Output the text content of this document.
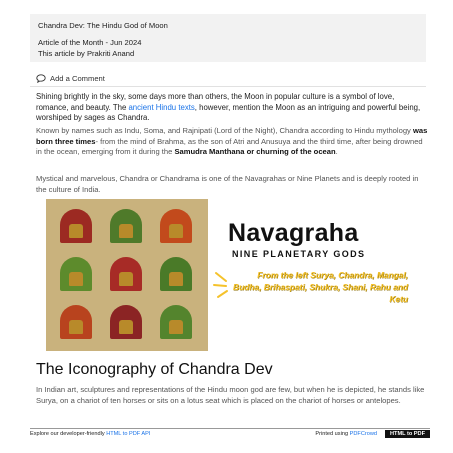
Chandra Dev: The Hindu God of Moon
Article of the Month - Jun 2024
This article by Prakriti Anand
Add a Comment
Shining brightly in the sky, some days more than others, the Moon in popular culture is a symbol of love, romance, and beauty. The ancient Hindu texts, however, mention the Moon as an intriguing and powerful being, worshiped by sages as Chandra.
Known by names such as Indu, Soma, and Rajnipati (Lord of the Night), Chandra according to Hindu mythology was born three times- from the mind of Brahma, as the son of Atri and Anusuya and the third time, after being drowned in the ocean, emerging from it during the Samudra Manthana or churning of the ocean.
Mystical and marvelous, Chandra or Chandrama is one of the Navagrahas or Nine Planets and is deeply rooted in the culture of India.
Navagraha
NINE PLANETARY GODS
From the left Surya, Chandra, Mangal, Budha, Brihaspati, Shukra, Shani, Rahu and Ketu
The Iconography of Chandra Dev
In Indian art, sculptures and representations of the Hindu moon god are few, but when he is depicted, he stands like Surya, on a chariot of ten horses or sits on a lotus seat which is placed on the chariot of horses or antelopes.
Explore our developer-friendly HTML to PDF API	Printed using PDFCrowd	HTML to PDF
